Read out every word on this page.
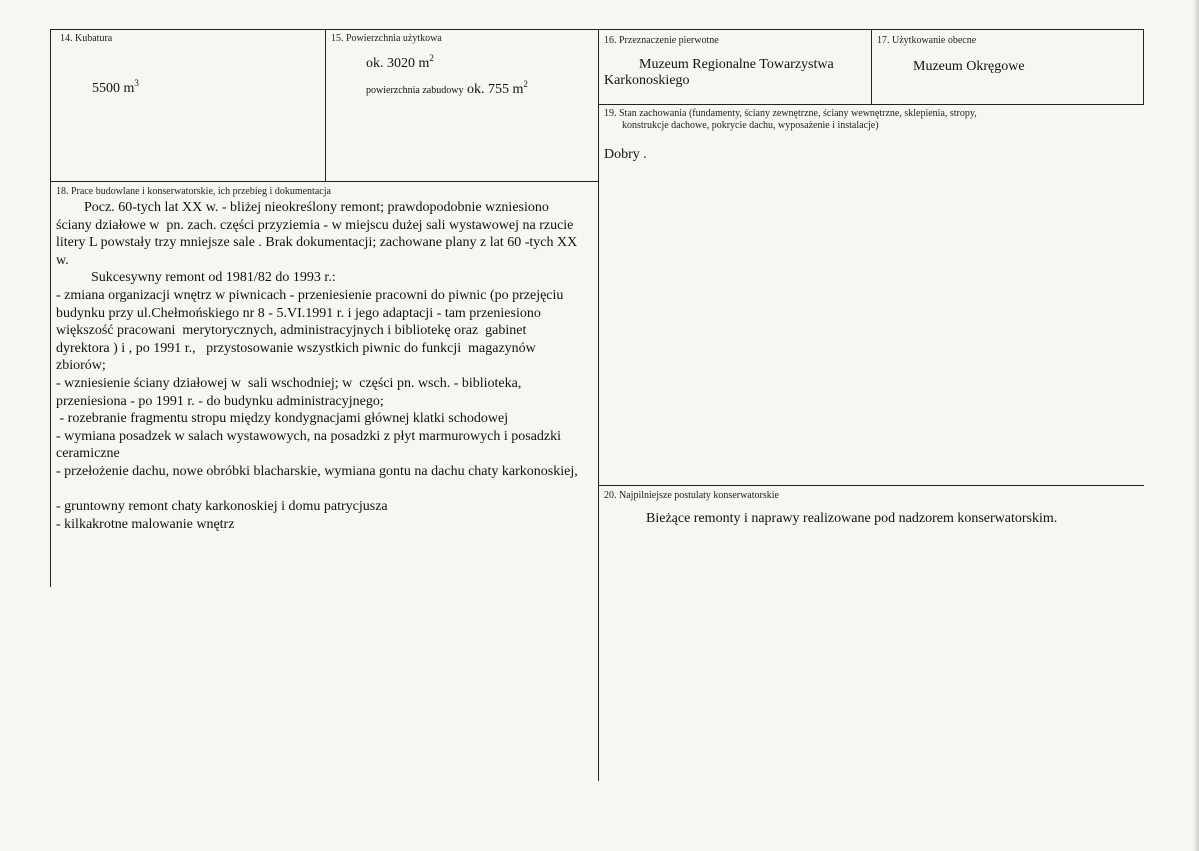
14. Kubatura
5500 $m^3$
15. Powierzchnia użytkowa
ok. 3020 $m^2$
powierzchnia zabudowy ok. 755 $m^2$
16. Przeznaczenie pierwotne
Muzeum Regionalne Towarzystwa
Karkonoskiego
17. Użytkowanie obecne
Muzeum Okręgowe
19. Stan zachowania (fundamenty, ściany zewnętrzne, ściany wewnętrzne, sklepienia, stropy,
konstrukcje dachowe, pokrycie dachu, wyposażenie i instalacje)
Dobry .
18. Prace budowlane i konserwatorskie, ich przebieg i dokumentacja

Pocz. 60-tych lat XX w. - bliżej nieokreślony remont; prawdopodobnie wzniesiono

ściany działowe w  pn. zach. części przyziemia - w miejscu dużej sali wystawowej na rzucie

litery L powstały trzy mniejsze sale . Brak dokumentacji; zachowane plany z lat 60 -tych XX

w.

Sukcesywny remont od 1981/82 do 1993 r.:

- zmiana organizacji wnętrz w piwnicach - przeniesienie pracowni do piwnic (po przejęciu

budynku przy ul.Chełmońskiego nr 8 - 5.VI.1991 r. i jego adaptacji - tam przeniesiono

większość pracowani  merytorycznych, administracyjnych i bibliotekę oraz  gabinet

dyrektora ) i , po 1991 r.,   przystosowanie wszystkich piwnic do funkcji  magazynów

zbiorów;

- wzniesienie ściany działowej w  sali wschodniej; w  części pn. wsch. - biblioteka,

przeniesiona - po 1991 r. - do budynku administracyjnego;

- rozebranie fragmentu stropu między kondygnacjami głównej klatki schodowej

- wymiana posadzek w salach wystawowych, na posadzki z płyt marmurowych i posadzki

ceramiczne

- przełożenie dachu, nowe obróbki blacharskie, wymiana gontu na dachu chaty karkonoskiej,

- gruntowny remont chaty karkonoskiej i domu patrycjusza

- kilkakrotne malowanie wnętrz

20. Najpilniejsze postulaty konserwatorskie
Bieżące remonty i naprawy realizowane pod nadzorem konserwatorskim.
